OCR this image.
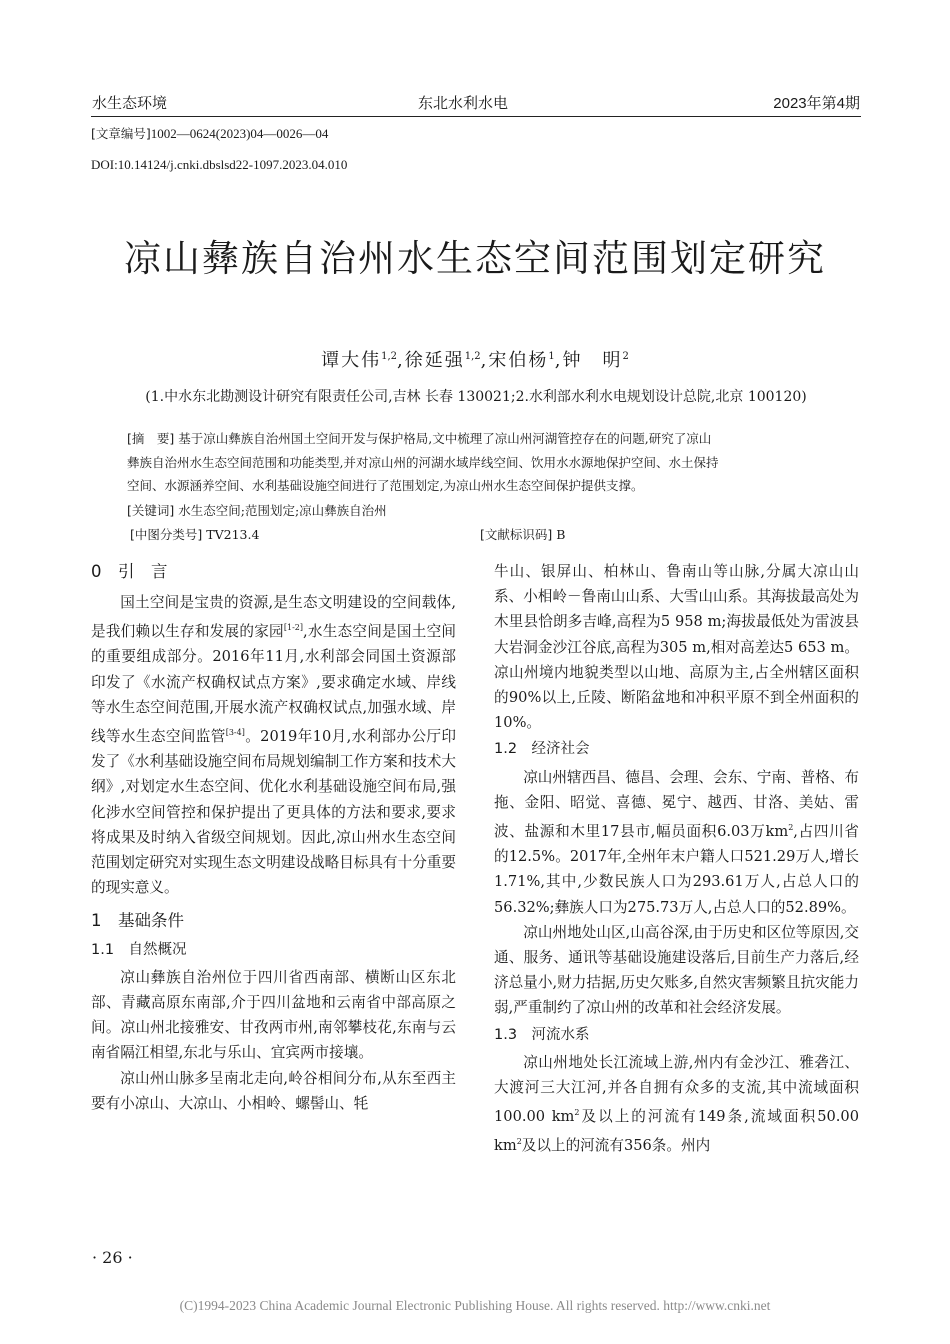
水生态环境	东北水利水电	2023年第4期
[文章编号]1002—0624(2023)04—0026—04
DOI:10.14124/j.cnki.dbslsd22-1097.2023.04.010
凉山彝族自治州水生态空间范围划定研究
谭大伟$^{1,2}$,徐延强$^{1,2}$,宋伯杨$^1$,钟　明$^2$
(1.中水东北勘测设计研究有限责任公司,吉林 长春 130021;2.水利部水利水电规划设计总院,北京 100120)
[摘　要] 基于凉山彝族自治州国土空间开发与保护格局,文中梳理了凉山州河湖管控存在的问题,研究了凉山
彝族自治州水生态空间范围和功能类型,并对凉山州的河湖水域岸线空间、饮用水水源地保护空间、水土保持
空间、水源涵养空间、水利基础设施空间进行了范围划定,为凉山州水生态空间保护提供支撑。
[关键词] 水生态空间;范围划定;凉山彝族自治州
[中图分类号] TV213.4	[文献标识码] B
0　引　言

国土空间是宝贵的资源,是生态文明建设的空间载体,是我们赖以生存和发展的家园[1-2],水生态空间是国土空间的重要组成部分。2016年11月,水利部会同国土资源部印发了《水流产权确权试点方案》,要求确定水域、岸线等水生态空间范围,开展水流产权确权试点,加强水域、岸线等水生态空间监管[3-4]。2019年10月,水利部办公厅印发了《水利基础设施空间布局规划编制工作方案和技术大纲》,对划定水生态空间、优化水利基础设施空间布局,强化涉水空间管控和保护提出了更具体的方法和要求,要求将成果及时纳入省级空间规划。因此,凉山州水生态空间范围划定研究对实现生态文明建设战略目标具有十分重要的现实意义。

1　基础条件
1.1　自然概况

凉山彝族自治州位于四川省西南部、横断山区东北部、青藏高原东南部,介于四川盆地和云南省中部高原之间。凉山州北接雅安、甘孜两市州,南邻攀枝花,东南与云南省隔江相望,东北与乐山、宜宾两市接壤。

凉山州山脉多呈南北走向,岭谷相间分布,从东至西主要有小凉山、大凉山、小相岭、螺髻山、牦

牛山、银屏山、柏林山、鲁南山等山脉,分属大凉山山系、小相岭－鲁南山山系、大雪山山系。其海拔最高处为木里县恰朗多吉峰,高程为5 958 m;海拔最低处为雷波县大岩洞金沙江谷底,高程为305 m,相对高差达5 653 m。凉山州境内地貌类型以山地、高原为主,占全州辖区面积的90%以上,丘陵、断陷盆地和冲积平原不到全州面积的10%。

1.2　经济社会

凉山州辖西昌、德昌、会理、会东、宁南、普格、布拖、金阳、昭觉、喜德、冕宁、越西、甘洛、美姑、雷波、盐源和木里17县市,幅员面积6.03万$km^2$,占四川省的12.5%。2017年,全州年末户籍人口521.29万人,增长1.71%,其中,少数民族人口为293.61万人,占总人口的56.32%;彝族人口为275.73万人,占总人口的52.89%。

凉山州地处山区,山高谷深,由于历史和区位等原因,交通、服务、通讯等基础设施建设落后,目前生产力落后,经济总量小,财力拮据,历史欠账多,自然灾害频繁且抗灾能力弱,严重制约了凉山州的改革和社会经济发展。

1.3　河流水系

凉山州地处长江流域上游,州内有金沙江、雅砻江、大渡河三大江河,并各自拥有众多的支流,其中流域面积100.00 $km^2$及以上的河流有149条,流域面积50.00 $km^2$及以上的河流有356条。州内

· 26 ·
(C)1994-2023 China Academic Journal Electronic Publishing House. All rights reserved. http://www.cnki.net
